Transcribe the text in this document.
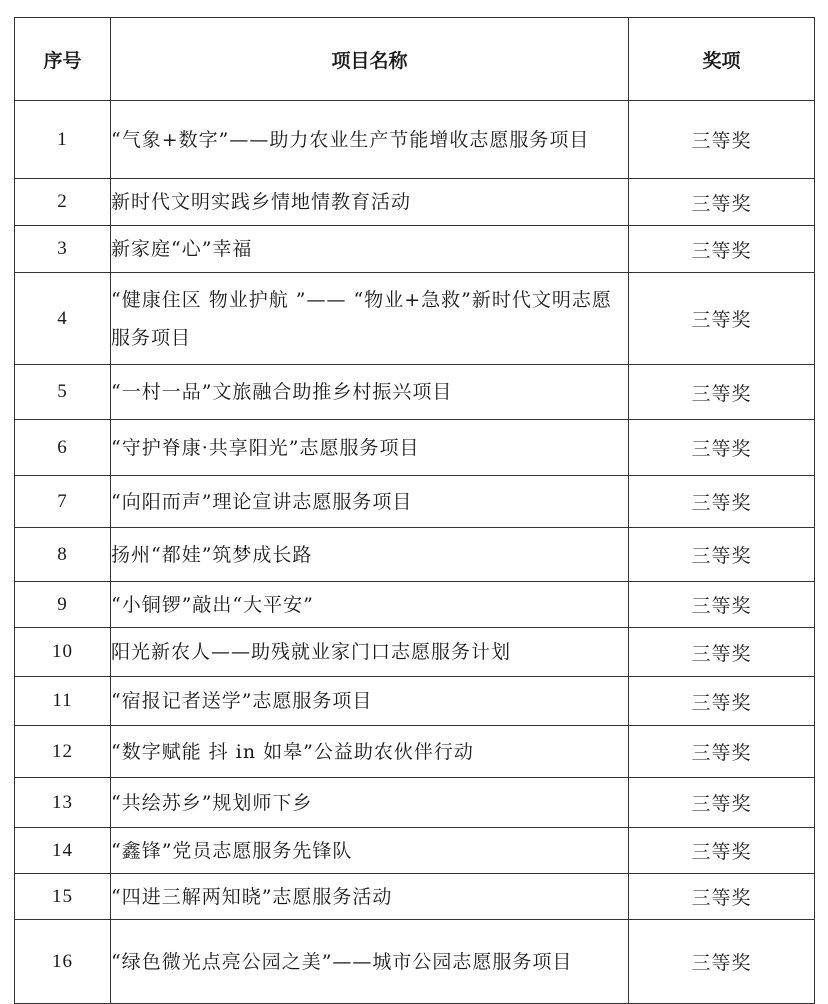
序号	项目名称	奖项
1	“气象+数字”——助力农业生产节能增收志愿服务项目	三等奖
2	新时代文明实践乡情地情教育活动	三等奖
3	新家庭“心”幸福	三等奖
4	“健康住区 物业护航 ”—— “物业+急救”新时代文明志愿服务项目	三等奖
5	“一村一品”文旅融合助推乡村振兴项目	三等奖
6	“守护脊康·共享阳光”志愿服务项目	三等奖
7	“向阳而声”理论宣讲志愿服务项目	三等奖
8	扬州“都娃”筑梦成长路	三等奖
9	“小铜锣”敲出“大平安”	三等奖
10	阳光新农人——助残就业家门口志愿服务计划	三等奖
11	“宿报记者送学”志愿服务项目	三等奖
12	“数字赋能 抖 in 如皋”公益助农伙伴行动	三等奖
13	“共绘苏乡”规划师下乡	三等奖
14	“鑫锋”党员志愿服务先锋队	三等奖
15	“四进三解两知晓”志愿服务活动	三等奖
16	“绿色微光点亮公园之美”——城市公园志愿服务项目	三等奖
